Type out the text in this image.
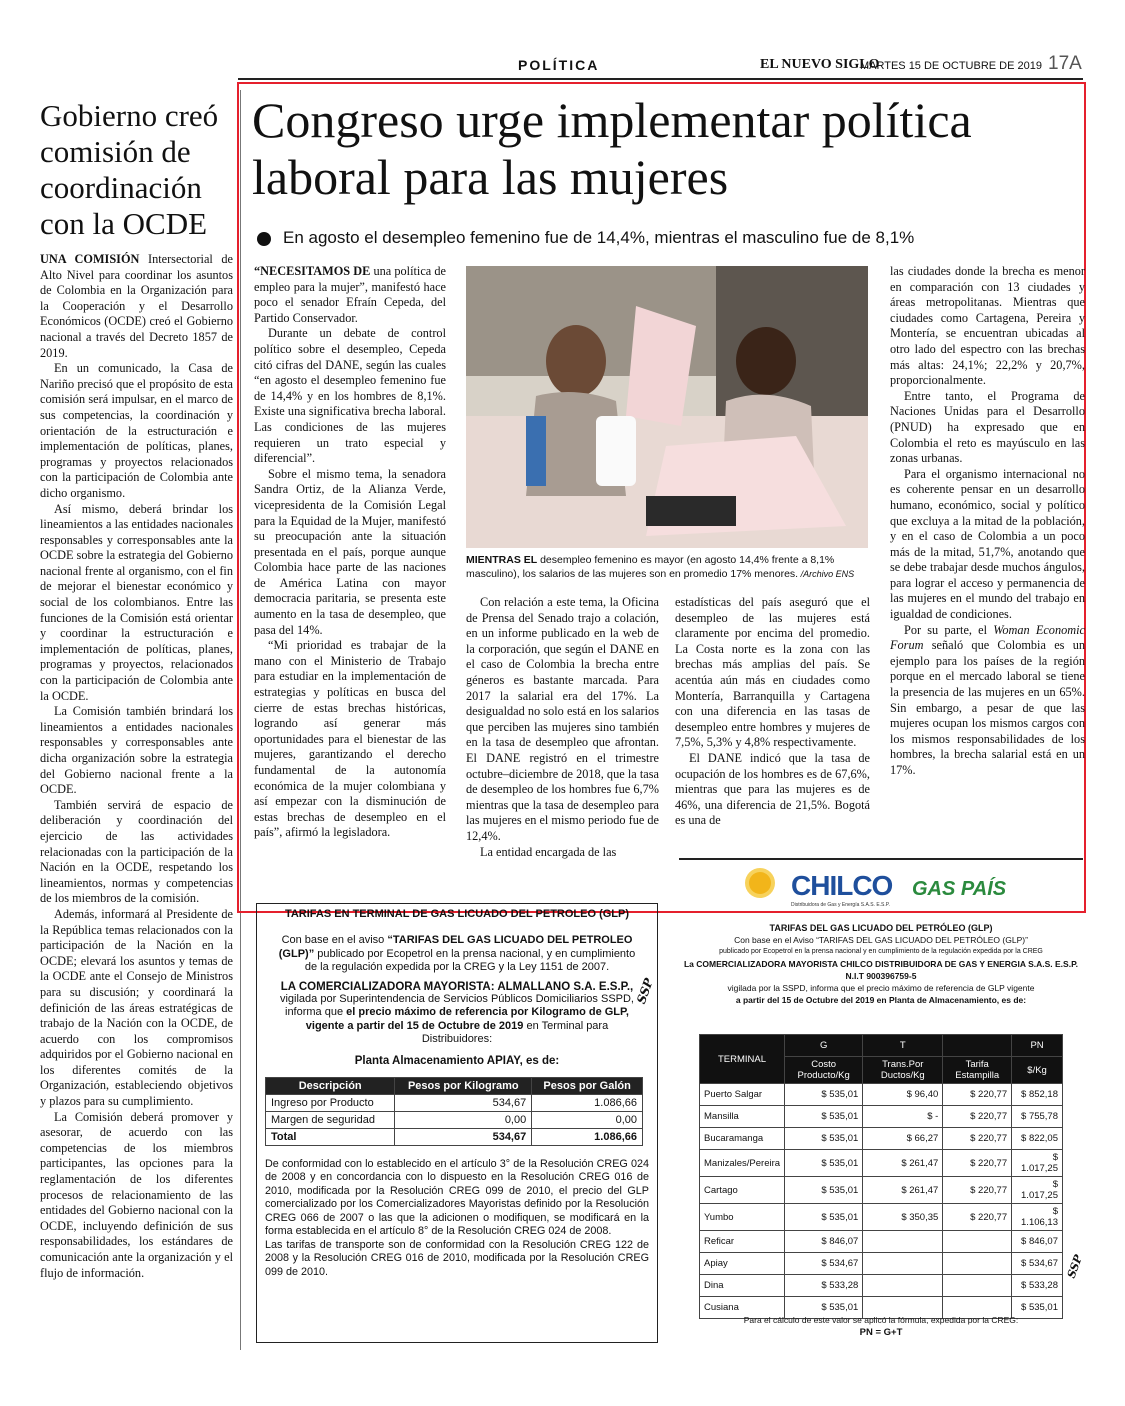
POLÍTICA	EL NUEVO SIGLO
MARTES 15 DE OCTUBRE DE 2019 17A
Gobierno creó comisión de coordinación con la OCDE

UNA COMISIÓN Intersectorial de Alto Nivel para coordinar los asuntos de Colombia en la Organización para la Cooperación y el Desarrollo Económicos (OCDE) creó el Gobierno nacional a través del Decreto 1857 de 2019.

En un comunicado, la Casa de Nariño precisó que el propósito de esta comisión será impulsar, en el marco de sus competencias, la coordinación y orientación de la estructuración e implementación de políticas, planes, programas y proyectos relacionados con la participación de Colombia ante dicho organismo.

Así mismo, deberá brindar los lineamientos a las entidades nacionales responsables y corresponsables ante la OCDE sobre la estrategia del Gobierno nacional frente al organismo, con el fin de mejorar el bienestar económico y social de los colombianos. Entre las funciones de la Comisión está orientar y coordinar la estructuración e implementación de políticas, planes, programas y proyectos, relacionados con la participación de Colombia ante la OCDE.

La Comisión también brindará los lineamientos a entidades nacionales responsables y corresponsables ante dicha organización sobre la estrategia del Gobierno nacional frente a la OCDE.

También servirá de espacio de deliberación y coordinación del ejercicio de las actividades relacionadas con la participación de la Nación en la OCDE, respetando los lineamientos, normas y competencias de los miembros de la comisión.

Además, informará al Presidente de la República temas relacionados con la participación de la Nación en la OCDE; elevará los asuntos y temas de la OCDE ante el Consejo de Ministros para su discusión; y coordinará la definición de las áreas estratégicas de trabajo de la Nación con la OCDE, de acuerdo con los compromisos adquiridos por el Gobierno nacional en los diferentes comités de la Organización, estableciendo objetivos y plazos para su cumplimiento.

La Comisión deberá promover y asesorar, de acuerdo con las competencias de los miembros participantes, las opciones para la reglamentación de los diferentes procesos de relacionamiento de las entidades del Gobierno nacional con la OCDE, incluyendo definición de sus responsabilidades, los estándares de comunicación ante la organización y el flujo de información.

Congreso urge implementar política laboral para las mujeres
En agosto el desempleo femenino fue de 14,4%, mientras el masculino fue de 8,1%

“NECESITAMOS DE una política de empleo para la mujer”, manifestó hace poco el senador Efraín Cepeda, del Partido Conservador.

Durante un debate de control político sobre el desempleo, Cepeda citó cifras del DANE, según las cuales “en agosto el desempleo femenino fue de 14,4% y en los hombres de 8,1%. Existe una significativa brecha laboral. Las condiciones de las mujeres requieren un trato especial y diferencial”.

Sobre el mismo tema, la senadora Sandra Ortiz, de la Alianza Verde, vicepresidenta de la Comisión Legal para la Equidad de la Mujer, manifestó su preocupación ante la situación presentada en el país, porque aunque Colombia hace parte de las naciones de América Latina con mayor democracia paritaria, se presenta este aumento en la tasa de desempleo, que pasa del 14%.

“Mi prioridad es trabajar de la mano con el Ministerio de Trabajo para estudiar en la implementación de estrategias y políticas en busca del cierre de estas brechas históricas, logrando así generar más oportunidades para el bienestar de las mujeres, garantizando el derecho fundamental de la autonomía económica de la mujer colombiana y así empezar con la disminución de estas brechas de desempleo en el país”, afirmó la legisladora.

MIENTRAS EL desempleo femenino es mayor (en agosto 14,4% frente a 8,1% masculino), los salarios de las mujeres son en promedio 17% menores. /Archivo ENS

Con relación a este tema, la Oficina de Prensa del Senado trajo a colación, en un informe publicado en la web de la corporación, que según el DANE en el caso de Colombia la brecha entre géneros es bastante marcada. Para 2017 la salarial era del 17%. La desigualdad no solo está en los salarios que perciben las mujeres sino también en la tasa de desempleo que afrontan. El DANE registró en el trimestre octubre–diciembre de 2018, que la tasa de desempleo de los hombres fue 6,7% mientras que la tasa de desempleo para las mujeres en el mismo periodo fue de 12,4%.

La entidad encargada de las

estadísticas del país aseguró que el desempleo de las mujeres está claramente por encima del promedio. La Costa norte es la zona con las brechas más amplias del país. Se acentúa aún más en ciudades como Montería, Barranquilla y Cartagena con una diferencia en las tasas de desempleo entre hombres y mujeres de 7,5%, 5,3% y 4,8% respectivamente.

El DANE indicó que la tasa de ocupación de los hombres es de 67,6%, mientras que para las mujeres es de 46%, una diferencia de 21,5%. Bogotá es una de

las ciudades donde la brecha es menor en comparación con 13 ciudades y áreas metropolitanas. Mientras que ciudades como Cartagena, Pereira y Montería, se encuentran ubicadas al otro lado del espectro con las brechas más altas: 24,1%; 22,2% y 20,7%, proporcionalmente.

Entre tanto, el Programa de Naciones Unidas para el Desarrollo (PNUD) ha expresado que en Colombia el reto es mayúsculo en las zonas urbanas.

Para el organismo internacional no es coherente pensar en un desarrollo humano, económico, social y político que excluya a la mitad de la población, y en el caso de Colombia a un poco más de la mitad, 51,7%, anotando que se debe trabajar desde muchos ángulos, para lograr el acceso y permanencia de las mujeres en el mundo del trabajo en igualdad de condiciones.

Por su parte, el Woman Economic Forum señaló que Colombia es un ejemplo para los países de la región porque en el mercado laboral se tiene la presencia de las mujeres en un 65%. Sin embargo, a pesar de que las mujeres ocupan los mismos cargos con los mismos responsabilidades de los hombres, la brecha salarial está en un 17%.

TARIFAS EN TERMINAL DE GAS LICUADO DEL PETROLEO (GLP)
Con base en el aviso “TARIFAS DEL GAS LICUADO DEL PETROLEO (GLP)” publicado por Ecopetrol en la prensa nacional, y en cumplimiento de la regulación expedida por la CREG y la Ley 1151 de 2007.
LA COMERCIALIZADORA MAYORISTA: ALMALLANO S.A. E.S.P.,
vigilada por Superintendencia de Servicios Públicos Domiciliarios SSPD, informa que el precio máximo de referencia por Kilogramo de GLP, vigente a partir del 15 de Octubre de 2019 en Terminal para Distribuidores:
Planta Almacenamiento APIAY, es de:
Descripción	Pesos por Kilogramo	Pesos por Galón
Ingreso por Producto	534,67	1.086,66
Margen de seguridad	0,00	0,00
Total	534,67	1.086,66
De conformidad con lo establecido en el artículo 3° de la Resolución CREG 024 de 2008 y en concordancia con lo dispuesto en la Resolución CREG 016 de 2010, modificada por la Resolución CREG 099 de 2010, el precio del GLP comercializado por los Comercializadores Mayoristas definido por la Resolución CREG 066 de 2007 o las que la adicionen o modifiquen, se modificará en la forma establecida en el artículo 8° de la Resolución CREG 024 de 2008.
Las tarifas de transporte son de conformidad con la Resolución CREG 122 de 2008 y la Resolución CREG 016 de 2010, modificada por la Resolución CREG 099 de 2010.
SSP
CHILCO
Distribuidora de Gas y Energía S.A.S. E.S.P.
GAS PAÍS
TARIFAS DEL GAS LICUADO DEL PETRÓLEO (GLP)
Con base en el Aviso “TARIFAS DEL GAS LICUADO DEL PETRÓLEO (GLP)”
publicado por Ecopetrol en la prensa nacional y en cumplimiento de la regulación expedida por la CREG
La COMERCIALIZADORA MAYORISTA CHILCO DISTRIBUIDORA DE GAS Y ENERGIA S.A.S. E.S.P.
N.I.T 900396759-5
vigilada por la SSPD, informa que el precio máximo de referencia de GLP vigente
a partir del 15 de Octubre del 2019 en Planta de Almacenamiento, es de:
TERMINAL	G	T		PN
	Costo Producto/Kg	Trans.Por Ductos/Kg	Tarifa Estampilla	$/Kg
Puerto Salgar	$ 535,01	$ 96,40	$ 220,77	$ 852,18
Mansilla	$ 535,01	$ -	$ 220,77	$ 755,78
Bucaramanga	$ 535,01	$ 66,27	$ 220,77	$ 822,05
Manizales/Pereira	$ 535,01	$ 261,47	$ 220,77	$ 1.017,25
Cartago	$ 535,01	$ 261,47	$ 220,77	$ 1.017,25
Yumbo	$ 535,01	$ 350,35	$ 220,77	$ 1.106,13
Reficar	$ 846,07			$ 846,07
Apiay	$ 534,67			$ 534,67
Dina	$ 533,28			$ 533,28
Cusiana	$ 535,01			$ 535,01
Para el cálculo de este valor se aplicó la fórmula, expedida por la CREG:
PN = G+T
SSP
